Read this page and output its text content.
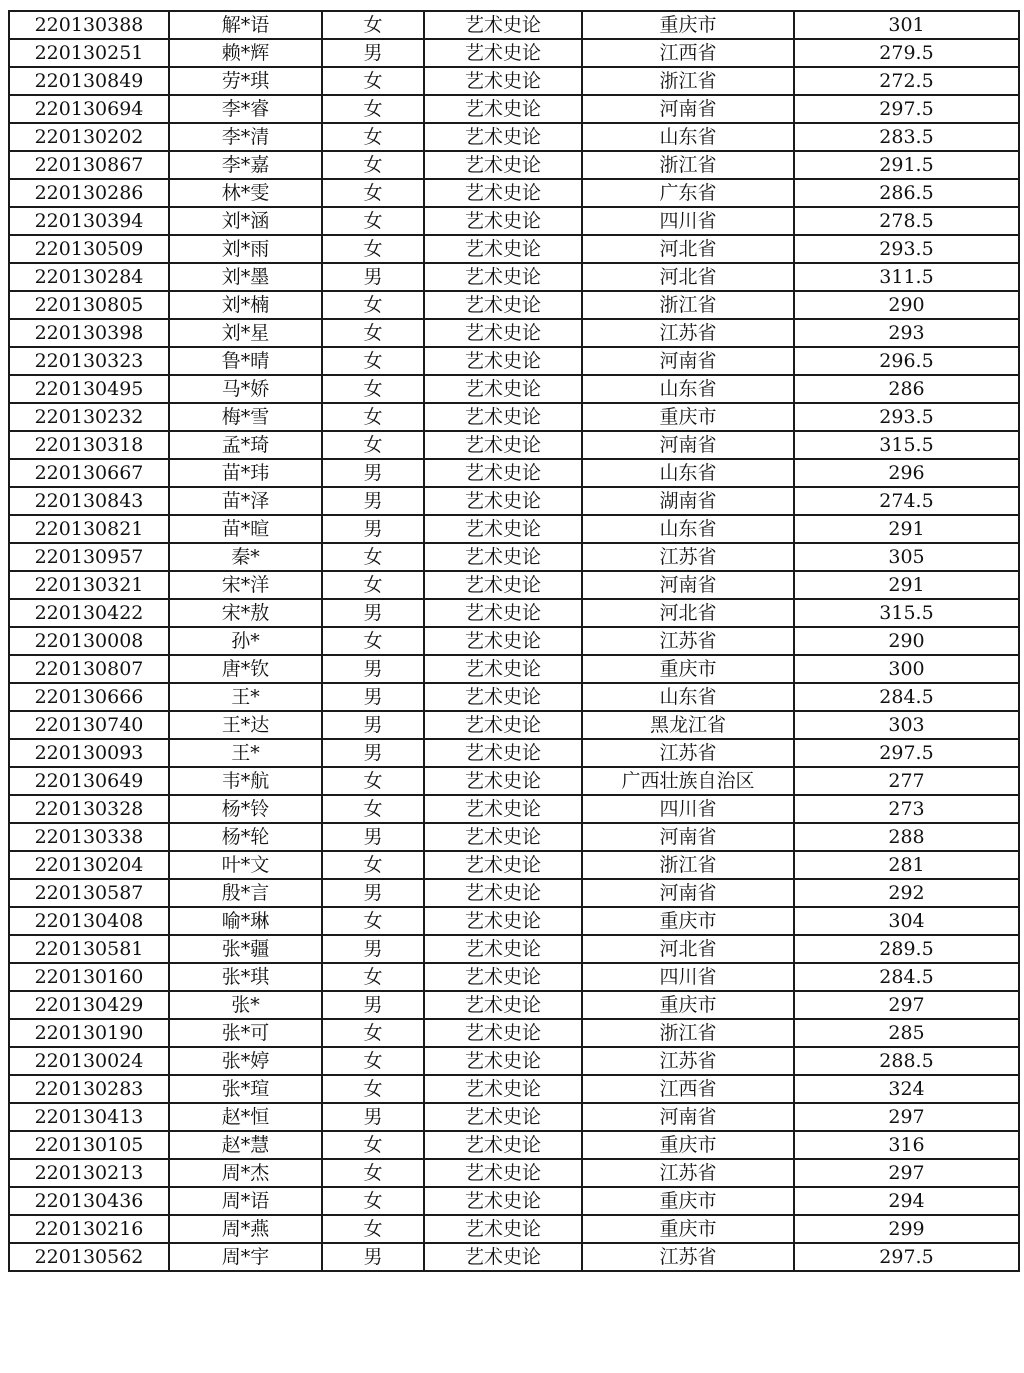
220130388	解*语	女	艺术史论	重庆市	301
220130251	赖*辉	男	艺术史论	江西省	279.5
220130849	劳*琪	女	艺术史论	浙江省	272.5
220130694	李*睿	女	艺术史论	河南省	297.5
220130202	李*清	女	艺术史论	山东省	283.5
220130867	李*嘉	女	艺术史论	浙江省	291.5
220130286	林*雯	女	艺术史论	广东省	286.5
220130394	刘*涵	女	艺术史论	四川省	278.5
220130509	刘*雨	女	艺术史论	河北省	293.5
220130284	刘*墨	男	艺术史论	河北省	311.5
220130805	刘*楠	女	艺术史论	浙江省	290
220130398	刘*星	女	艺术史论	江苏省	293
220130323	鲁*晴	女	艺术史论	河南省	296.5
220130495	马*娇	女	艺术史论	山东省	286
220130232	梅*雪	女	艺术史论	重庆市	293.5
220130318	孟*琦	女	艺术史论	河南省	315.5
220130667	苗*玮	男	艺术史论	山东省	296
220130843	苗*泽	男	艺术史论	湖南省	274.5
220130821	苗*暄	男	艺术史论	山东省	291
220130957	秦*	女	艺术史论	江苏省	305
220130321	宋*洋	女	艺术史论	河南省	291
220130422	宋*敖	男	艺术史论	河北省	315.5
220130008	孙*	女	艺术史论	江苏省	290
220130807	唐*钦	男	艺术史论	重庆市	300
220130666	王*	男	艺术史论	山东省	284.5
220130740	王*达	男	艺术史论	黑龙江省	303
220130093	王*	男	艺术史论	江苏省	297.5
220130649	韦*航	女	艺术史论	广西壮族自治区	277
220130328	杨*铃	女	艺术史论	四川省	273
220130338	杨*轮	男	艺术史论	河南省	288
220130204	叶*文	女	艺术史论	浙江省	281
220130587	殷*言	男	艺术史论	河南省	292
220130408	喻*琳	女	艺术史论	重庆市	304
220130581	张*疆	男	艺术史论	河北省	289.5
220130160	张*琪	女	艺术史论	四川省	284.5
220130429	张*	男	艺术史论	重庆市	297
220130190	张*可	女	艺术史论	浙江省	285
220130024	张*婷	女	艺术史论	江苏省	288.5
220130283	张*瑄	女	艺术史论	江西省	324
220130413	赵*恒	男	艺术史论	河南省	297
220130105	赵*慧	女	艺术史论	重庆市	316
220130213	周*杰	女	艺术史论	江苏省	297
220130436	周*语	女	艺术史论	重庆市	294
220130216	周*燕	女	艺术史论	重庆市	299
220130562	周*宇	男	艺术史论	江苏省	297.5
